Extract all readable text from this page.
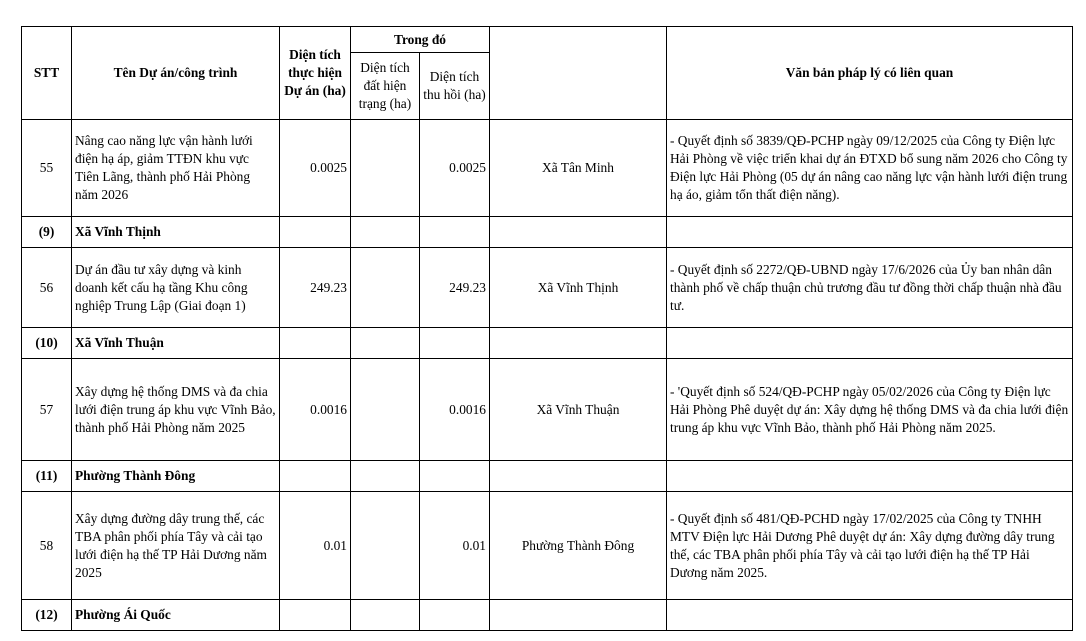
STT	Tên Dự án/công trình	Diện tích thực hiện Dự án (ha)	Trong đó			Văn bản pháp lý có liên quan
			Diện tích đất hiện trạng (ha)	Diện tích thu hồi (ha)		
55	Nâng cao năng lực vận hành lưới điện hạ áp, giảm TTĐN khu vực Tiên Lãng, thành phố Hải Phòng năm 2026	0.0025		0.0025	Xã Tân Minh	- Quyết định số 3839/QĐ-PCHP ngày 09/12/2025 của Công ty Điện lực Hải Phòng về việc triển khai dự án ĐTXD bổ sung năm 2026 cho Công ty Điện lực Hải Phòng (05 dự án nâng cao năng lực vận hành lưới điện trung hạ áo, giảm tổn thất điện năng).
(9)	Xã Vĩnh Thịnh					
56	Dự án đầu tư xây dựng và kinh doanh kết cấu hạ tầng Khu công nghiệp Trung Lập (Giai đoạn 1)	249.23		249.23	Xã Vĩnh Thịnh	- Quyết định số 2272/QĐ-UBND ngày 17/6/2026 của Ủy ban nhân dân thành phố về chấp thuận chủ trương đầu tư đồng thời chấp thuận nhà đầu tư.
(10)	Xã Vĩnh Thuận					
57	Xây dựng hệ thống DMS và đa chia lưới điện trung áp khu vực Vĩnh Bảo, thành phố Hải Phòng năm 2025	0.0016		0.0016	Xã Vĩnh Thuận	- 'Quyết định số 524/QĐ-PCHP ngày 05/02/2026 của Công ty Điện lực Hải Phòng Phê duyệt dự án: Xây dựng hệ thống DMS và đa chia lưới điện trung áp khu vực Vĩnh Bảo, thành phố Hải Phòng năm 2025.
(11)	Phường Thành Đông					
58	Xây dựng đường dây trung thế, các TBA phân phối phía Tây và cải tạo lưới điện hạ thế TP Hải Dương năm 2025	0.01		0.01	Phường Thành Đông	- Quyết định số 481/QĐ-PCHD ngày 17/02/2025 của Công ty TNHH MTV Điện lực Hải Dương Phê duyệt dự án: Xây dựng đường dây trung thế, các TBA phân phối phía Tây và cải tạo lưới điện hạ thế TP Hải Dương năm 2025.
(12)	Phường Ái Quốc					
